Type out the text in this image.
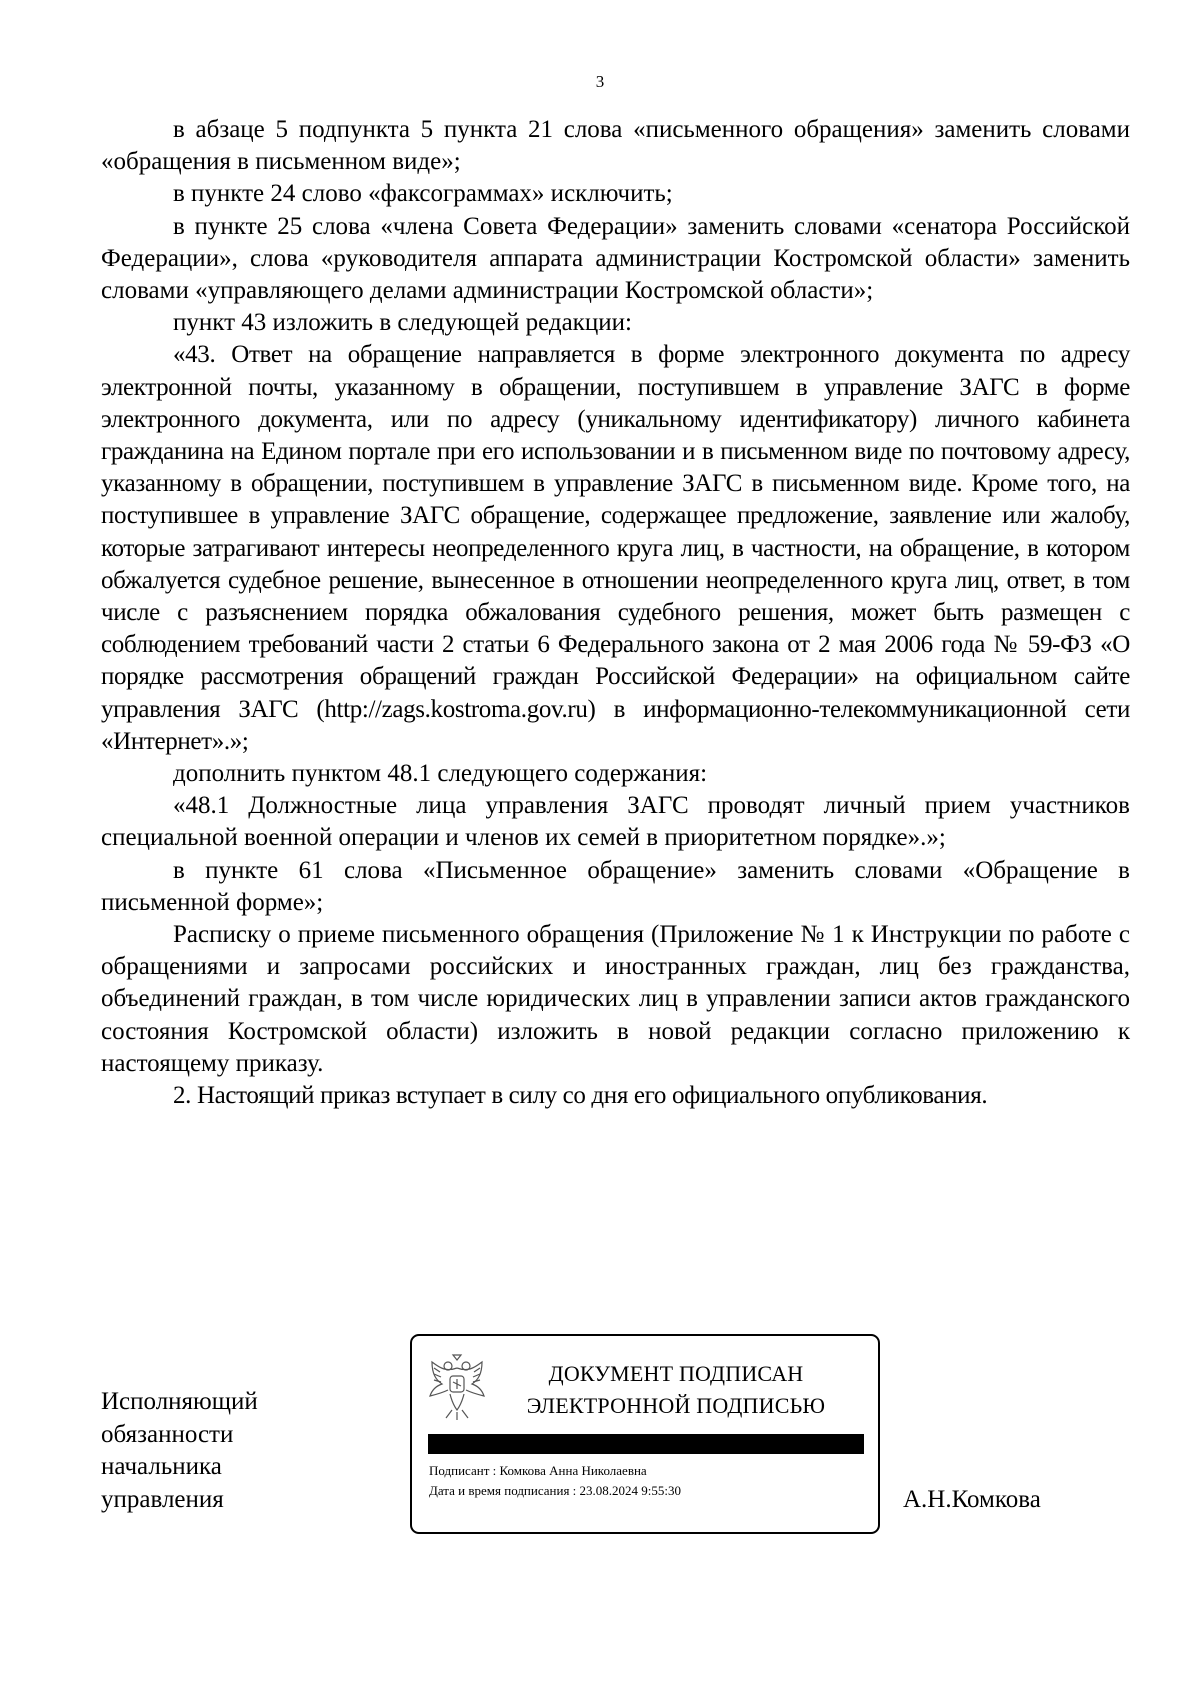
3

в абзаце 5 подпункта 5 пункта 21 слова «письменного обращения» заменить словами «обращения в письменном виде»;

в пункте 24 слово «факсограммах» исключить;

в пункте 25 слова «члена Совета Федерации» заменить словами «сенатора Российской Федерации», слова «руководителя аппарата администрации Костромской области» заменить словами «управляющего делами администрации Костромской области»;

пункт 43 изложить в следующей редакции:

«43. Ответ на обращение направляется в форме электронного документа по адресу электронной почты, указанному в обращении, поступившем в управление ЗАГС в форме электронного документа, или по адресу (уникальному идентификатору) личного кабинета гражданина на Едином портале при его использовании и в письменном виде по почтовому адресу, указанному в обращении, поступившем в управление ЗАГС в письменном виде. Кроме того, на поступившее в управление ЗАГС обращение, содержащее предложение, заявление или жалобу, которые затрагивают интересы неопределенного круга лиц, в частности, на обращение, в котором обжалуется судебное решение, вынесенное в отношении неопределенного круга лиц, ответ, в том числе с разъяснением порядка обжалования судебного решения, может быть размещен с соблюдением требований части 2 статьи 6 Федерального закона от 2 мая 2006 года № 59-ФЗ «О порядке рассмотрения обращений граждан Российской Федерации» на официальном сайте управления ЗАГС (http://zags.kostroma.gov.ru) в информационно-телекоммуникационной сети «Интернет».»;

дополнить пунктом 48.1 следующего содержания:

«48.1 Должностные лица управления ЗАГС проводят личный прием участников специальной военной операции и членов их семей в приоритетном порядке».»;

в пункте 61 слова «Письменное обращение» заменить словами «Обращение в письменной форме»;

Расписку о приеме письменного обращения (Приложение № 1 к Инструкции по работе с обращениями и запросами российских и иностранных граждан, лиц без гражданства, объединений граждан, в том числе юридических лиц в управлении записи актов гражданского состояния Костромской области) изложить в новой редакции согласно приложению к настоящему приказу.

2. Настоящий приказ вступает в силу со дня его официального опубликования.

Исполняющий
обязанности
начальника
управления
ДОКУМЕНТ ПОДПИСАН
ЭЛЕКТРОННОЙ ПОДПИСЬЮ
Подписант : Комкова Анна Николаевна
Дата и время подписания : 23.08.2024 9:55:30	А.Н.Комкова
